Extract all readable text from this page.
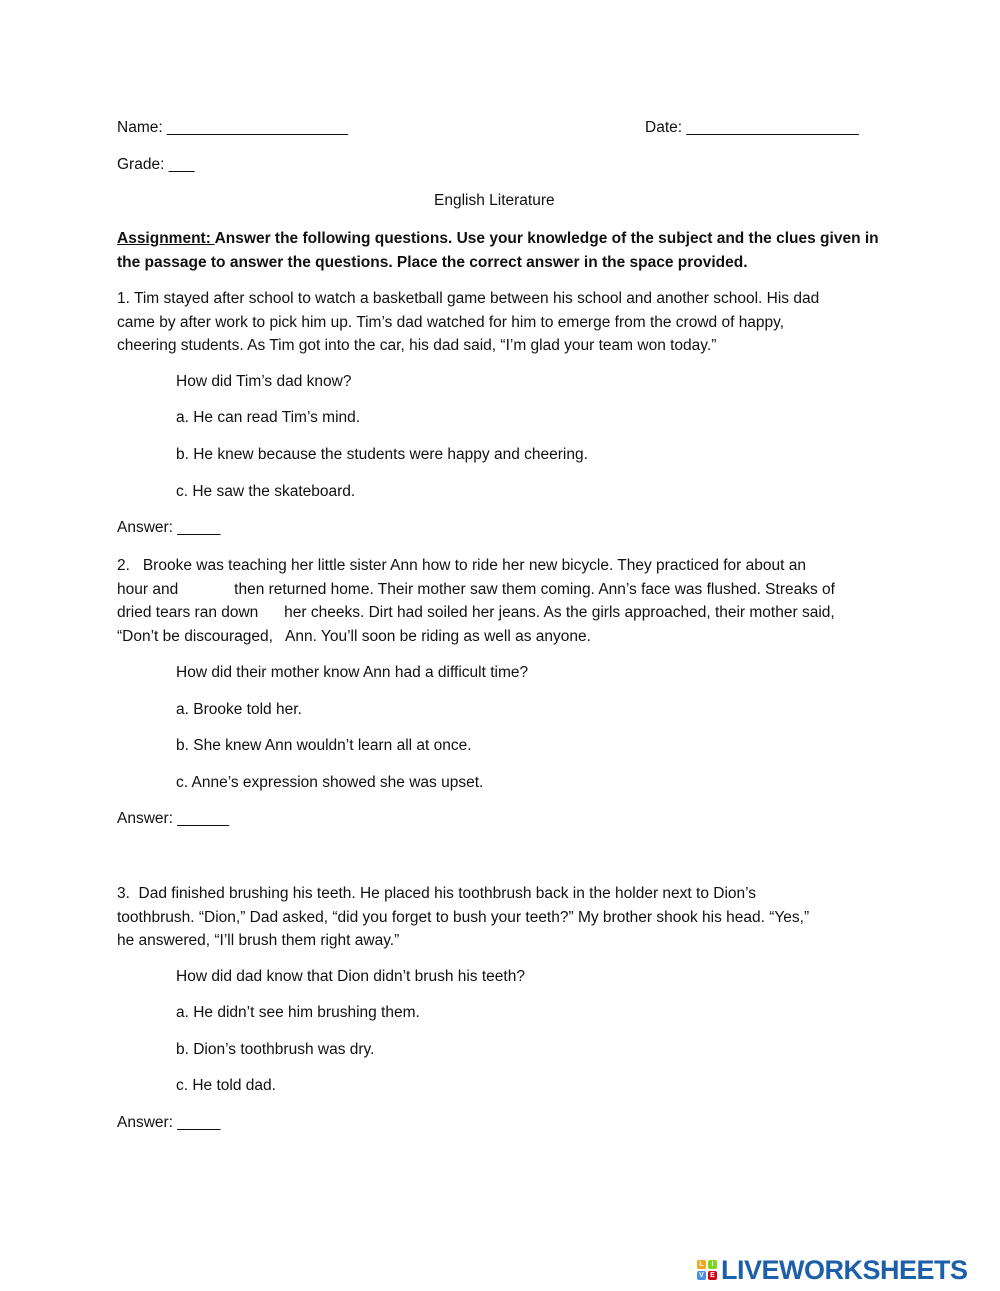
Name: _____________________	Date: ____________________
Grade: ___
English Literature
Assignment: Answer the following questions. Use your knowledge of the subject and the clues given in the passage to answer the questions. Place the correct answer in the space provided.
1. Tim stayed after school to watch a basketball game between his school and another school. His dad
came by after work to pick him up. Tim’s dad watched for him to emerge from the crowd of happy,
cheering students. As Tim got into the car, his dad said, “I’m glad your team won today.”
How did Tim’s dad know?
a. He can read Tim’s mind.
b. He knew because the students were happy and cheering.
c. He saw the skateboard.
Answer: _____
2.   Brooke was teaching her little sister Ann how to ride her new bicycle. They practiced for about an
hour and             then returned home. Their mother saw them coming. Ann’s face was flushed. Streaks of
dried tears ran down      her cheeks. Dirt had soiled her jeans. As the girls approached, their mother said,
“Don’t be discouraged,   Ann. You’ll soon be riding as well as anyone.
How did their mother know Ann had a difficult time?
a. Brooke told her.
b. She knew Ann wouldn’t learn all at once.
c. Anne’s expression showed she was upset.
Answer: ______
3.  Dad finished brushing his teeth. He placed his toothbrush back in the holder next to Dion’s
toothbrush. “Dion,” Dad asked, “did you forget to bush your teeth?” My brother shook his head. “Yes,”
he answered, “I’ll brush them right away.”
How did dad know that Dion didn’t brush his teeth?
a. He didn’t see him brushing them.
b. Dion’s toothbrush was dry.
c. He told dad.
Answer: _____
L	I
V E LIVEWORKSHEETS
